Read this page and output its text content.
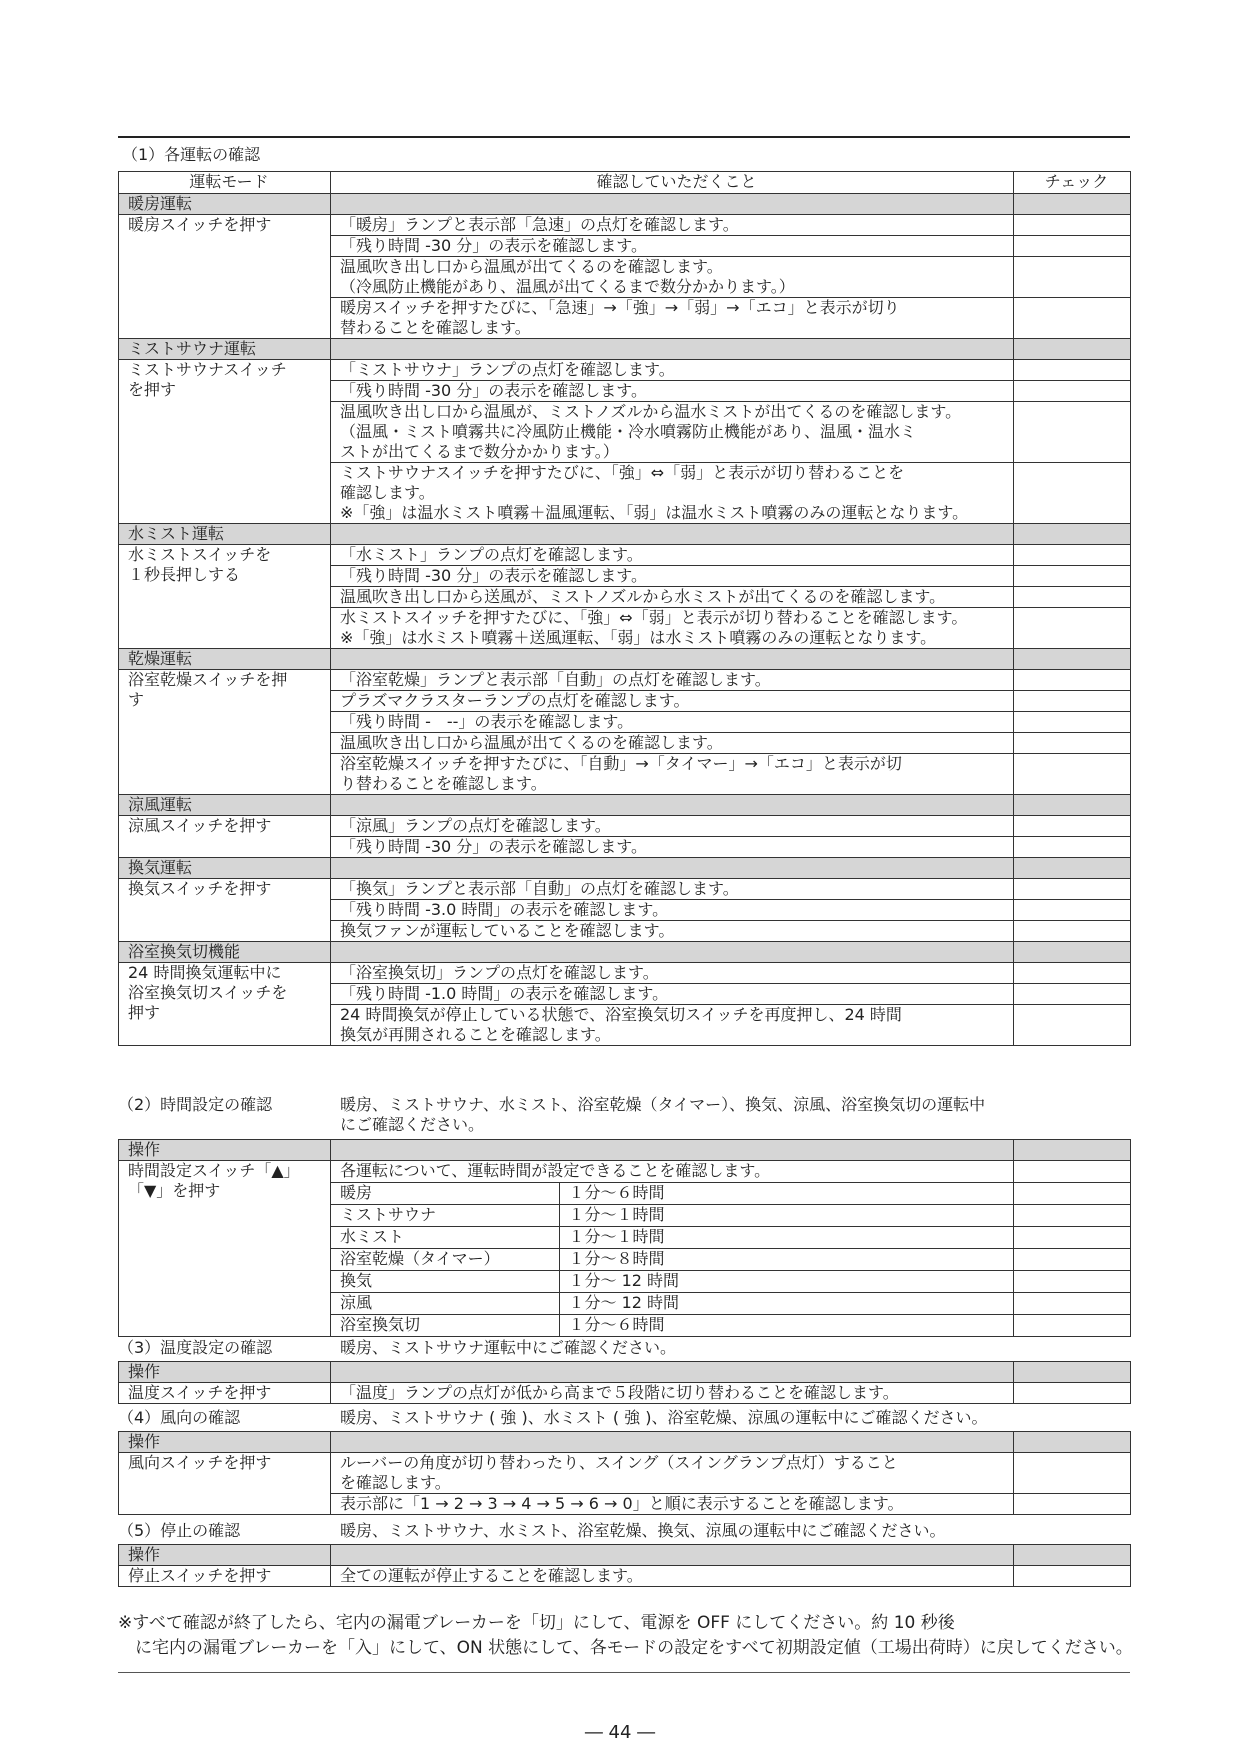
（1）各運転の確認
運転モード	確認していただくこと	チェック
暖房運転		
暖房スイッチを押す	「暖房」ランプと表示部「急速」の点灯を確認します。	
	「残り時間 -30 分」の表示を確認します。	
	温風吹き出し口から温風が出てくるのを確認します。
（冷風防止機能があり、温風が出てくるまで数分かかります。）	
	暖房スイッチを押すたびに、「急速」→「強」→「弱」→「エコ」と表示が切り
替わることを確認します。	
ミストサウナ運転		
ミストサウナスイッチ
を押す	「ミストサウナ」ランプの点灯を確認します。	
	「残り時間 -30 分」の表示を確認します。	
	温風吹き出し口から温風が、ミストノズルから温水ミストが出てくるのを確認します。
（温風・ミスト噴霧共に冷風防止機能・冷水噴霧防止機能があり、温風・温水ミ
ストが出てくるまで数分かかります。）	
	ミストサウナスイッチを押すたびに、「強」⇔「弱」と表示が切り替わることを
確認します。
※「強」は温水ミスト噴霧＋温風運転、「弱」は温水ミスト噴霧のみの運転となります。	
水ミスト運転		
水ミストスイッチを
１秒長押しする	「水ミスト」ランプの点灯を確認します。	
	「残り時間 -30 分」の表示を確認します。	
	温風吹き出し口から送風が、ミストノズルから水ミストが出てくるのを確認します。	
	水ミストスイッチを押すたびに、「強」⇔「弱」と表示が切り替わることを確認します。
※「強」は水ミスト噴霧＋送風運転、「弱」は水ミスト噴霧のみの運転となります。	
乾燥運転		
浴室乾燥スイッチを押
す	「浴室乾燥」ランプと表示部「自動」の点灯を確認します。	
	プラズマクラスターランプの点灯を確認します。	
	「残り時間 -　--」の表示を確認します。	
	温風吹き出し口から温風が出てくるのを確認します。	
	浴室乾燥スイッチを押すたびに、「自動」→「タイマー」→「エコ」と表示が切
り替わることを確認します。	
涼風運転		
涼風スイッチを押す	「涼風」ランプの点灯を確認します。	
	「残り時間 -30 分」の表示を確認します。	
換気運転		
換気スイッチを押す	「換気」ランプと表示部「自動」の点灯を確認します。	
	「残り時間 -3.0 時間」の表示を確認します。	
	換気ファンが運転していることを確認します。	
浴室換気切機能		
24 時間換気運転中に
浴室換気切スイッチを
押す	「浴室換気切」ランプの点灯を確認します。	
	「残り時間 -1.0 時間」の表示を確認します。	
	24 時間換気が停止している状態で、浴室換気切スイッチを再度押し、24 時間
換気が再開されることを確認します。	
（2）時間設定の確認	暖房、ミストサウナ、水ミスト、浴室乾燥（タイマー）、換気、涼風、浴室換気切の運転中
にご確認ください。
操作		
時間設定スイッチ「▲」
「▼」を押す	
各運転について、運転時間が設定できることを確認します。
暖房	１分〜６時間
ミストサウナ	１分〜１時間
水ミスト	１分〜１時間
浴室乾燥（タイマー）	１分〜８時間
換気	１分〜 12 時間
涼風	１分〜 12 時間
浴室換気切	１分〜６時間

（3）温度設定の確認	暖房、ミストサウナ運転中にご確認ください。
操作		
温度スイッチを押す	「温度」ランプの点灯が低から高まで５段階に切り替わることを確認します。	
（4）風向の確認	暖房、ミストサウナ ( 強 )、水ミスト ( 強 )、浴室乾燥、涼風の運転中にご確認ください。
操作		
風向スイッチを押す	ルーバーの角度が切り替わったり、スイング（スイングランプ点灯）すること
を確認します。	
	表示部に「1 → 2 → 3 → 4 → 5 → 6 → 0」と順に表示することを確認します。	
（5）停止の確認	暖房、ミストサウナ、水ミスト、浴室乾燥、換気、涼風の運転中にご確認ください。
操作		
停止スイッチを押す	全ての運転が停止することを確認します。	
※すべて確認が終了したら、宅内の漏電ブレーカーを「切」にして、電源を OFF にしてください。約 10 秒後
　に宅内の漏電ブレーカーを「入」にして、ON 状態にして、各モードの設定をすべて初期設定値（工場出荷時）に戻してください。
― 44 ―
